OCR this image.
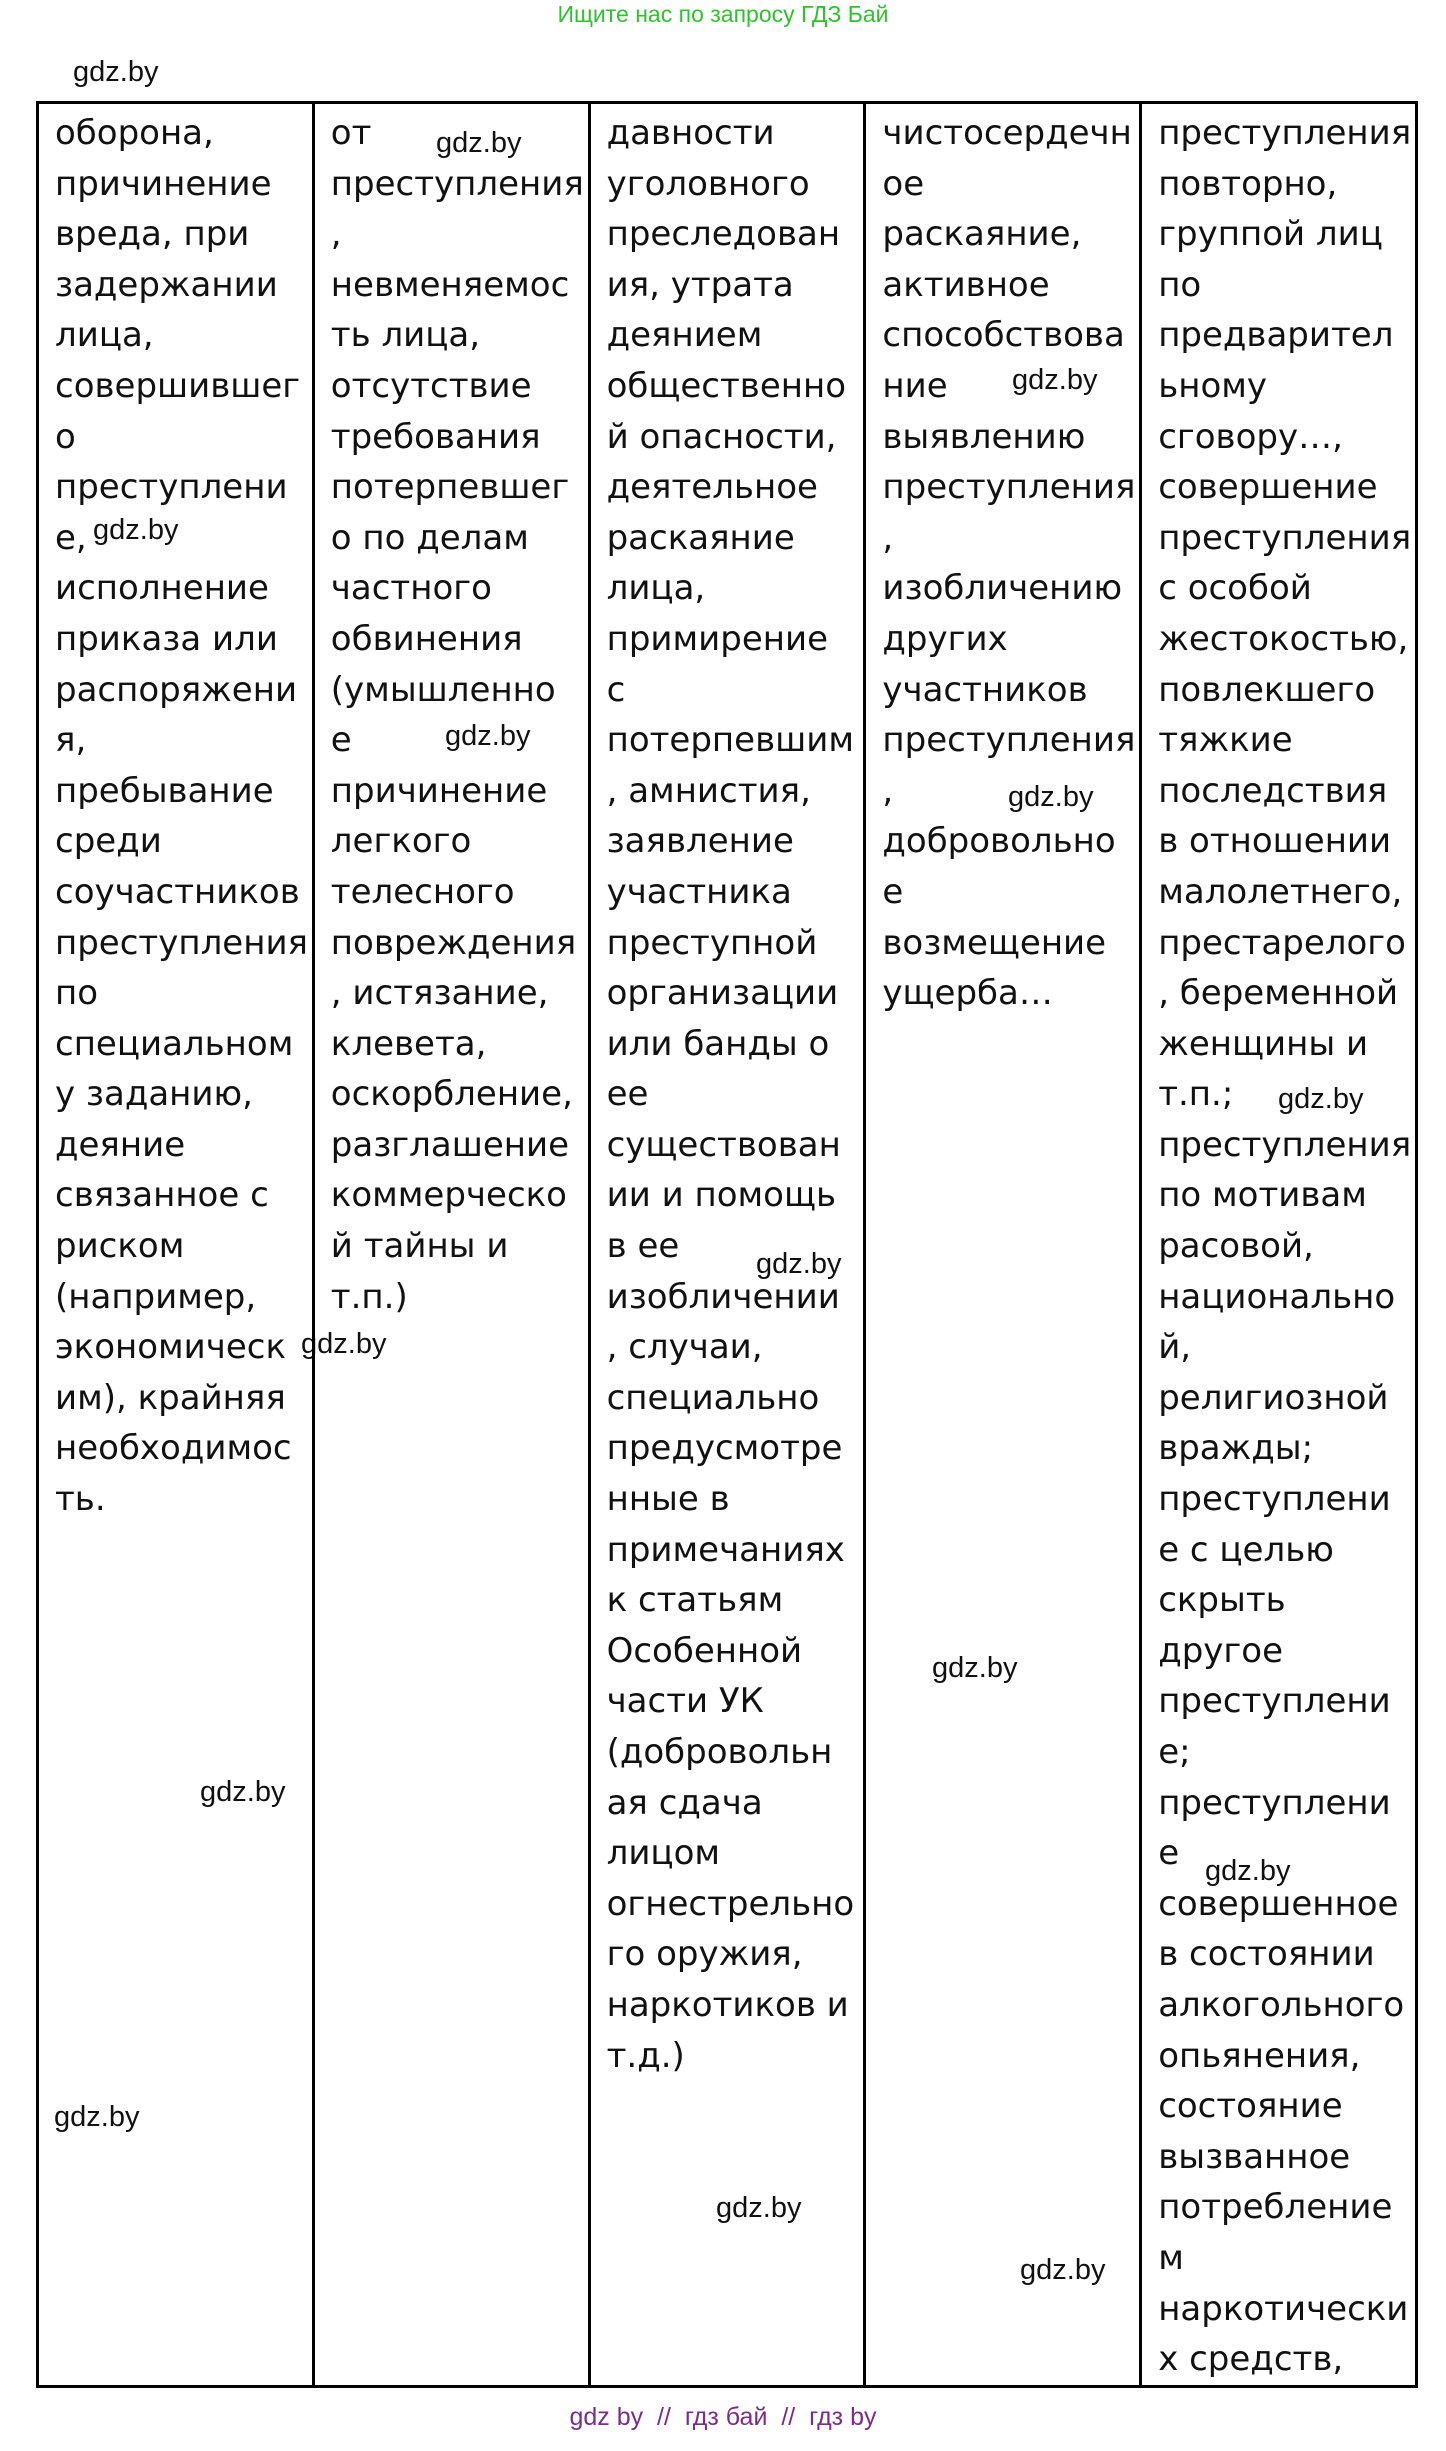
Ищите нас по запросу ГДЗ Бай
gdz.by
gdz.by
gdz.by
gdz.by
gdz.by
gdz.by
gdz.by
gdz.by
gdz.by
gdz.by
gdz.by
gdz.by
gdz.by
gdz.by
gdz.by
оборона,
причинение
вреда, при
задержании
лица,
совершившег
о
преступлени
е,
исполнение
приказа или
распоряжени
я,
пребывание
среди
соучастников
преступления
по
специальном
у заданию,
деяние
связанное с
риском
(например,
экономическ
им), крайняя
необходимос
ть.

от
преступления
,
невменяемос
ть лица,
отсутствие
требования
потерпевшег
о по делам
частного
обвинения
(умышленно
е
причинение
легкого
телесного
повреждения
, истязание,
клевета,
оскорбление,
разглашение
коммерческо
й тайны и
т.п.)

давности
уголовного
преследован
ия, утрата
деянием
общественно
й опасности,
деятельное
раскаяние
лица,
примирение
с
потерпевшим
, амнистия,
заявление
участника
преступной
организации
или банды о
ее
существован
ии и помощь
в ее
изобличении
, случаи,
специально
предусмотре
нные в
примечаниях
к статьям
Особенной
части УК
(добровольн
ая сдача
лицом
огнестрельно
го оружия,
наркотиков и
т.д.)

чистосердечн
ое
раскаяние,
активное
способствова
ние
выявлению
преступления
,
изобличению
других
участников
преступления
,
добровольно
е
возмещение
ущерба…

преступления
повторно,
группой лиц
по
предварител
ьному
сговору…,
совершение
преступления
с особой
жестокостью,
повлекшего
тяжкие
последствия
в отношении
малолетнего,
престарелого
, беременной
женщины и
т.п.;
преступления
по мотивам
расовой,
национально
й,
религиозной
вражды;
преступлени
е с целью
скрыть
другое
преступлени
е;
преступлени
е
совершенное
в состоянии
алкогольного
опьянения,
состояние
вызванное
потребление
м
наркотически
х средств,
gdz by  //  гдз бай  //  гдз by
